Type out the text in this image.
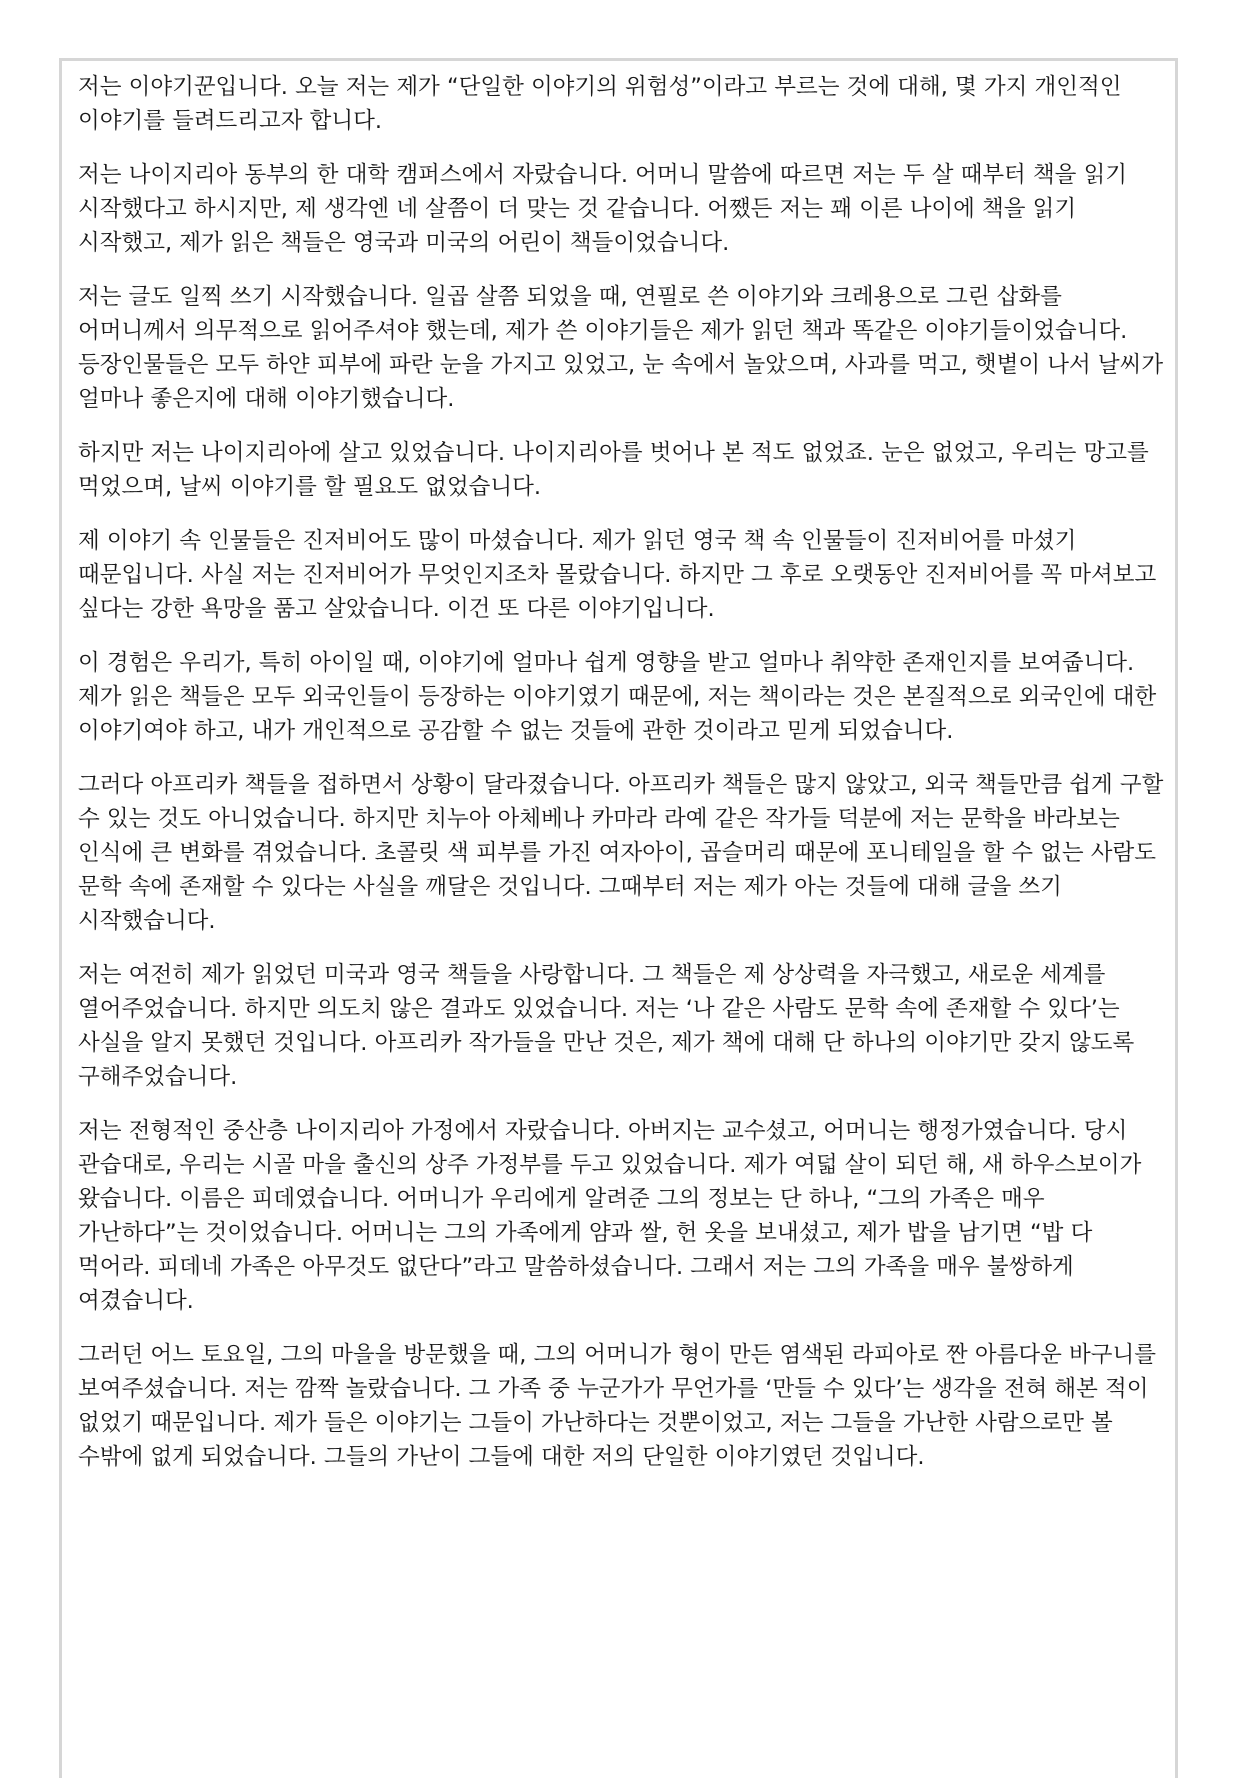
저는 이야기꾼입니다. 오늘 저는 제가 “단일한 이야기의 위험성”이라고 부르는 것에 대해, 몇 가지 개인적인 이야기를 들려드리고자 합니다.

저는 나이지리아 동부의 한 대학 캠퍼스에서 자랐습니다. 어머니 말씀에 따르면 저는 두 살 때부터 책을 읽기 시작했다고 하시지만, 제 생각엔 네 살쯤이 더 맞는 것 같습니다. 어쨌든 저는 꽤 이른 나이에 책을 읽기 시작했고, 제가 읽은 책들은 영국과 미국의 어린이 책들이었습니다.

저는 글도 일찍 쓰기 시작했습니다. 일곱 살쯤 되었을 때, 연필로 쓴 이야기와 크레용으로 그린 삽화를 어머니께서 의무적으로 읽어주셔야 했는데, 제가 쓴 이야기들은 제가 읽던 책과 똑같은 이야기들이었습니다. 등장인물들은 모두 하얀 피부에 파란 눈을 가지고 있었고, 눈 속에서 놀았으며, 사과를 먹고, 햇볕이 나서 날씨가 얼마나 좋은지에 대해 이야기했습니다.

하지만 저는 나이지리아에 살고 있었습니다. 나이지리아를 벗어나 본 적도 없었죠. 눈은 없었고, 우리는 망고를 먹었으며, 날씨 이야기를 할 필요도 없었습니다.

제 이야기 속 인물들은 진저비어도 많이 마셨습니다. 제가 읽던 영국 책 속 인물들이 진저비어를 마셨기 때문입니다. 사실 저는 진저비어가 무엇인지조차 몰랐습니다. 하지만 그 후로 오랫동안 진저비어를 꼭 마셔보고 싶다는 강한 욕망을 품고 살았습니다. 이건 또 다른 이야기입니다.

이 경험은 우리가, 특히 아이일 때, 이야기에 얼마나 쉽게 영향을 받고 얼마나 취약한 존재인지를 보여줍니다. 제가 읽은 책들은 모두 외국인들이 등장하는 이야기였기 때문에, 저는 책이라는 것은 본질적으로 외국인에 대한 이야기여야 하고, 내가 개인적으로 공감할 수 없는 것들에 관한 것이라고 믿게 되었습니다.

그러다 아프리카 책들을 접하면서 상황이 달라졌습니다. 아프리카 책들은 많지 않았고, 외국 책들만큼 쉽게 구할 수 있는 것도 아니었습니다. 하지만 치누아 아체베나 카마라 라예 같은 작가들 덕분에 저는 문학을 바라보는 인식에 큰 변화를 겪었습니다. 초콜릿 색 피부를 가진 여자아이, 곱슬머리 때문에 포니테일을 할 수 없는 사람도 문학 속에 존재할 수 있다는 사실을 깨달은 것입니다. 그때부터 저는 제가 아는 것들에 대해 글을 쓰기 시작했습니다.

저는 여전히 제가 읽었던 미국과 영국 책들을 사랑합니다. 그 책들은 제 상상력을 자극했고, 새로운 세계를 열어주었습니다. 하지만 의도치 않은 결과도 있었습니다. 저는 ‘나 같은 사람도 문학 속에 존재할 수 있다’는 사실을 알지 못했던 것입니다. 아프리카 작가들을 만난 것은, 제가 책에 대해 단 하나의 이야기만 갖지 않도록 구해주었습니다.

저는 전형적인 중산층 나이지리아 가정에서 자랐습니다. 아버지는 교수셨고, 어머니는 행정가였습니다. 당시 관습대로, 우리는 시골 마을 출신의 상주 가정부를 두고 있었습니다. 제가 여덟 살이 되던 해, 새 하우스보이가 왔습니다. 이름은 피데였습니다. 어머니가 우리에게 알려준 그의 정보는 단 하나, “그의 가족은 매우 가난하다”는 것이었습니다. 어머니는 그의 가족에게 얌과 쌀, 헌 옷을 보내셨고, 제가 밥을 남기면 “밥 다 먹어라. 피데네 가족은 아무것도 없단다”라고 말씀하셨습니다. 그래서 저는 그의 가족을 매우 불쌍하게 여겼습니다.

그러던 어느 토요일, 그의 마을을 방문했을 때, 그의 어머니가 형이 만든 염색된 라피아로 짠 아름다운 바구니를 보여주셨습니다. 저는 깜짝 놀랐습니다. 그 가족 중 누군가가 무언가를 ‘만들 수 있다’는 생각을 전혀 해본 적이 없었기 때문입니다. 제가 들은 이야기는 그들이 가난하다는 것뿐이었고, 저는 그들을 가난한 사람으로만 볼 수밖에 없게 되었습니다. 그들의 가난이 그들에 대한 저의 단일한 이야기였던 것입니다.
